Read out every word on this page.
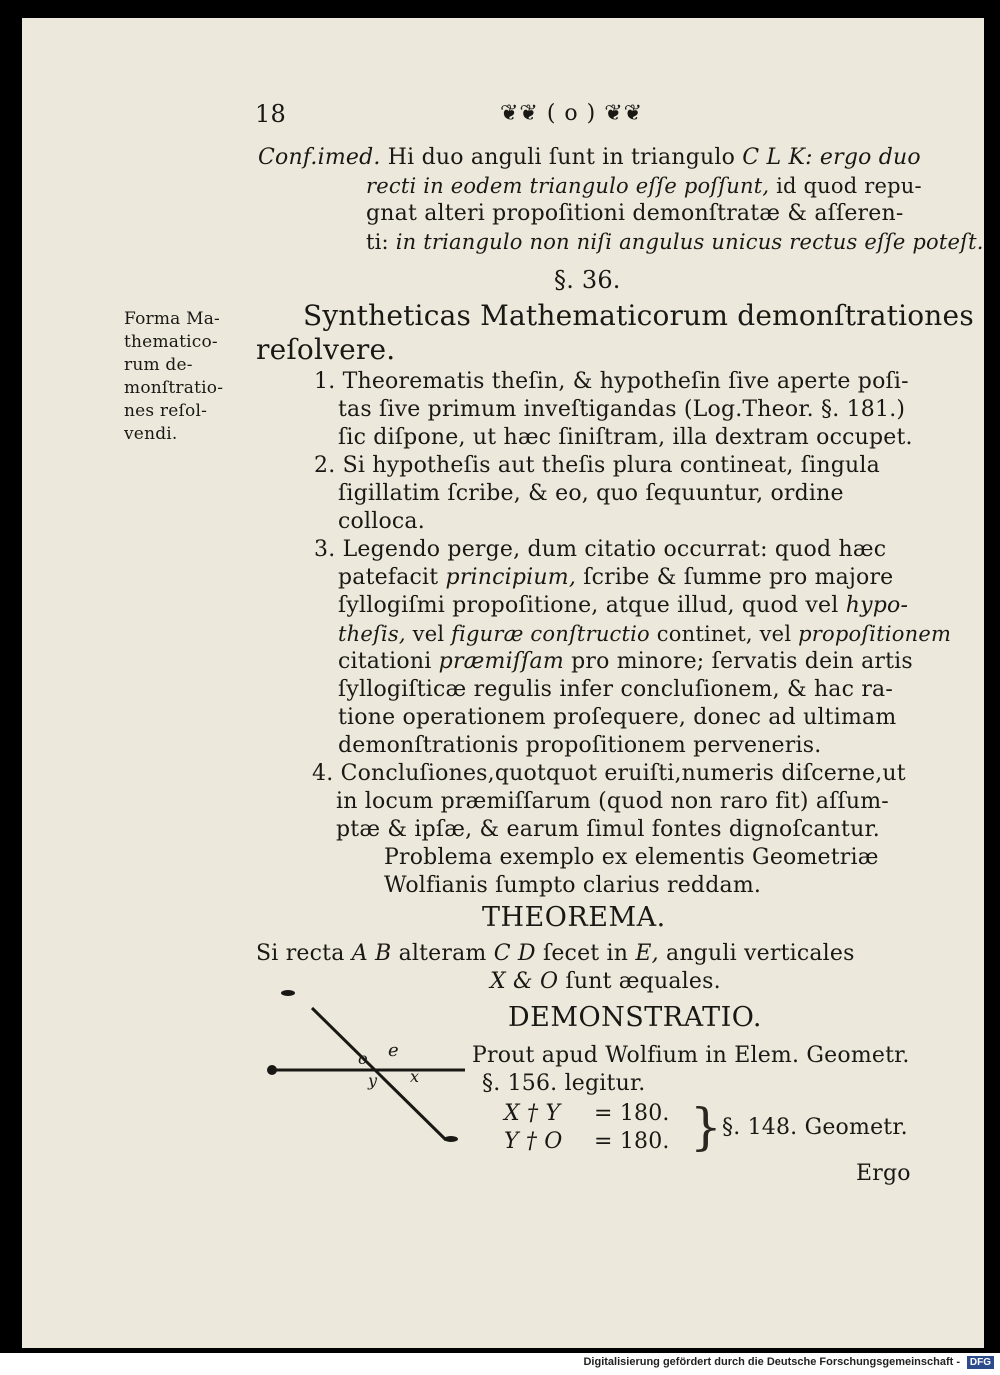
18	❦❦ ( o ) ❦❦
Conf.imed. Hi duo anguli ſunt in triangulo C L K: ergo duo
recti in eodem triangulo eſſe poſſunt, id quod repu-
gnat alteri propoſitioni demonſtratæ & aſſeren-
ti: in triangulo non niſi angulus unicus rectus eſſe poteſt.
§. 36.
Forma Ma-
thematico-
rum de-
monſtratio-
nes reſol-
vendi.
Syntheticas Mathematicorum demonſtrationes
reſolvere.
1. Theorematis theſin, & hypotheſin ſive aperte poſi-
tas ſive primum inveſtigandas (Log.Theor. §. 181.)
ſic diſpone, ut hæc ſiniſtram, illa dextram occupet.
2. Si hypotheſis aut theſis plura contineat, ſingula
ſigillatim ſcribe, & eo, quo ſequuntur, ordine
colloca.
3. Legendo perge, dum citatio occurrat: quod hæc
patefacit principium, ſcribe & ſumme pro majore
ſyllogiſmi propoſitione, atque illud, quod vel hypo-
theſis, vel figuræ conſtructio continet, vel propoſitionem
citationi præmiſſam pro minore; ſervatis dein artis
ſyllogiſticæ regulis infer concluſionem, & hac ra-
tione operationem proſequere, donec ad ultimam
demonſtrationis propoſitionem perveneris.
4. Concluſiones,quotquot eruiſti,numeris diſcerne,ut
in locum præmiſſarum (quod non raro fit) aſſum-
ptæ & ipſæ, & earum ſimul fontes dignoſcantur.
Problema exemplo ex elementis Geometriæ
Wolfianis ſumpto clarius reddam.
THEOREMA.
Si recta A B alteram C D ſecet in E, anguli verticales
X & O ſunt æquales.
DEMONSTRATIO.
Prout apud Wolfium in Elem. Geometr.
§. 156. legitur.
X † Y = 180.
Y † O = 180. } §. 148. Geometr.
Ergo
o e
y x
Digitalisierung gefördert durch die Deutsche Forschungsgemeinschaft - DFG
